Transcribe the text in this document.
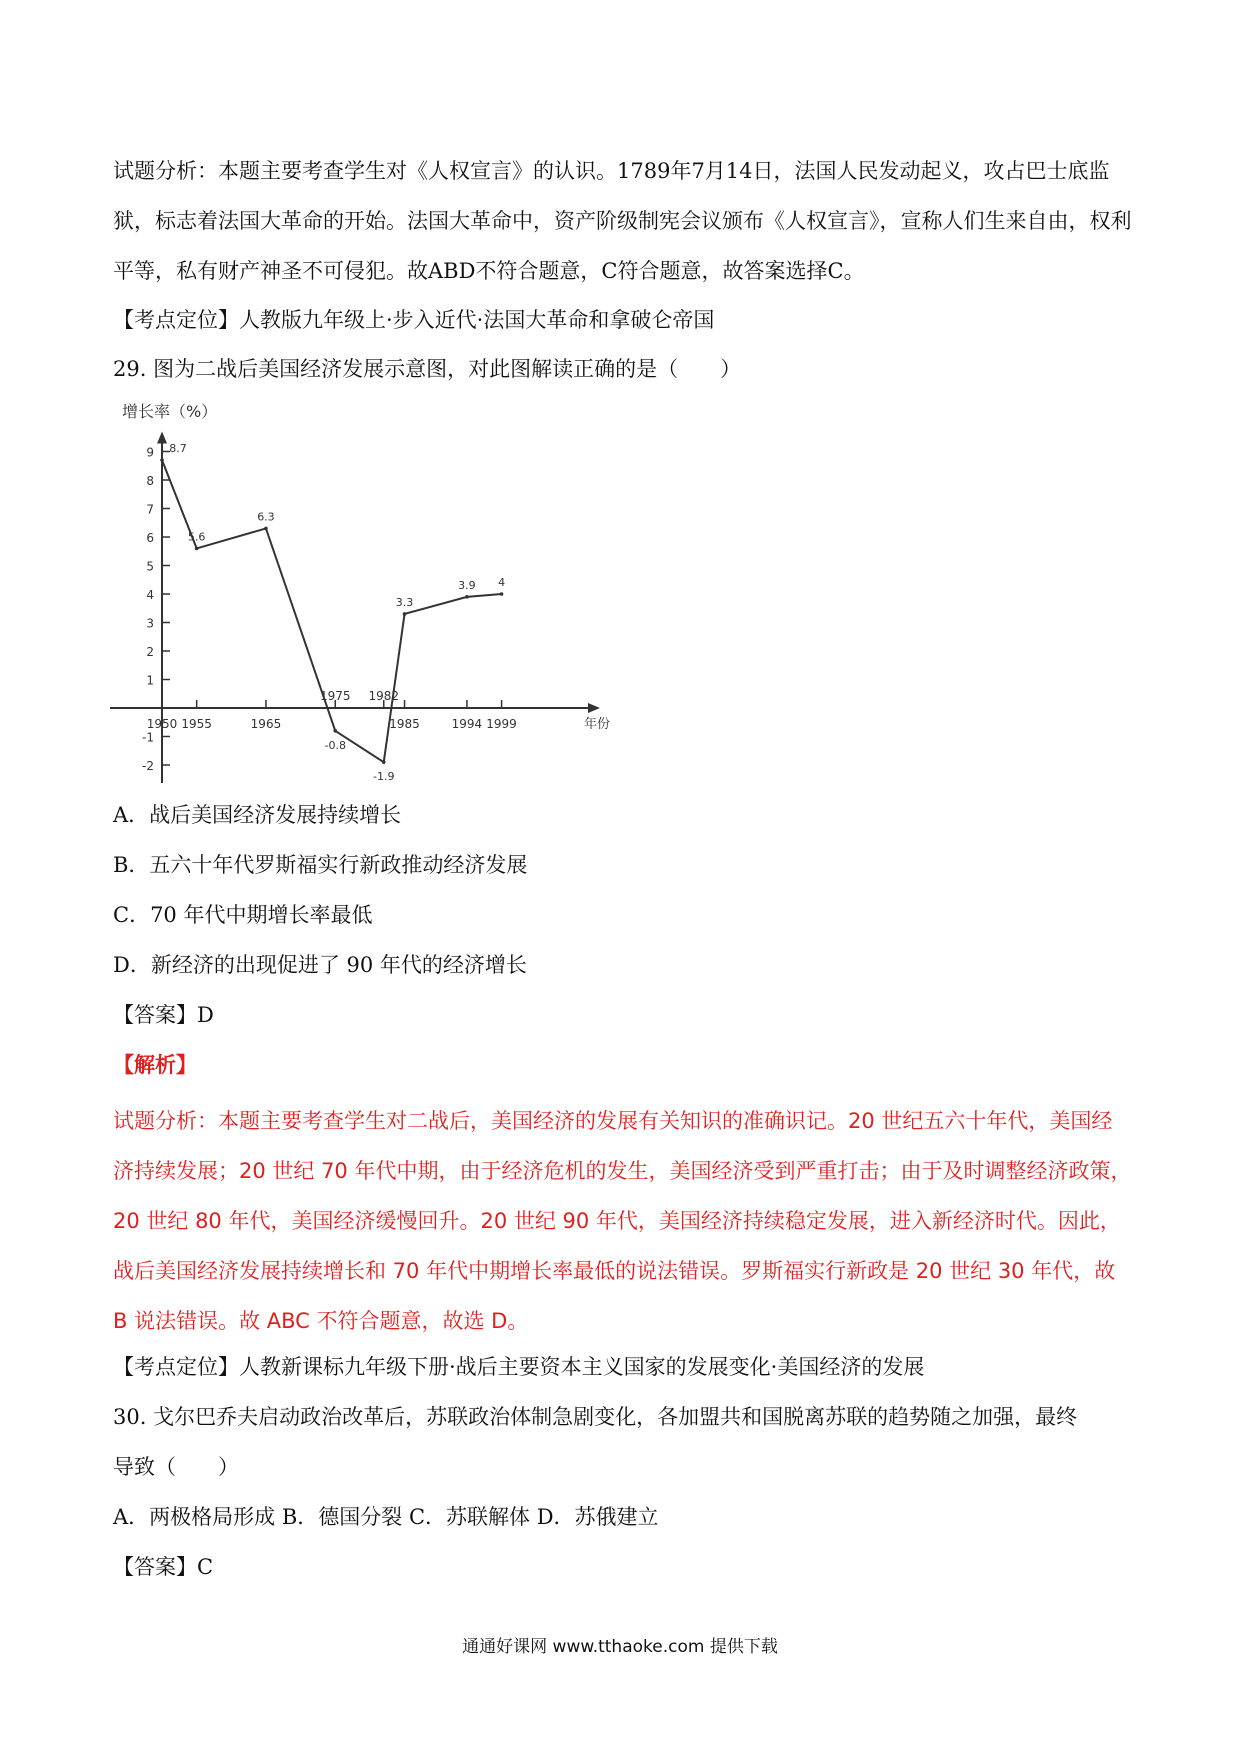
试题分析：本题主要考查学生对《人权宣言》的认识。1789年7月14日，法国人民发动起义，攻占巴士底监狱，标志着法国大革命的开始。法国大革命中，资产阶级制宪会议颁布《人权宣言》，宣称人们生来自由，权利平等，私有财产神圣不可侵犯。故ABD不符合题意，C符合题意，故答案选择C。
【考点定位】人教版九年级上·步入近代·法国大革命和拿破仑帝国
29. 图为二战后美国经济发展示意图，对此图解读正确的是（　　）
增长率（%）
9
8
7
6
5
4
3
2
1
-1
-2
1950 1955	1965
1975 1982
1985	1994 1999	年份
8.7
5.6
6.3
-0.8
-1.9
3.3
3.9 4
A．战后美国经济发展持续增长
B．五六十年代罗斯福实行新政推动经济发展
C．70 年代中期增长率最低
D．新经济的出现促进了 90 年代的经济增长
【答案】D
【解析】
试题分析：本题主要考查学生对二战后，美国经济的发展有关知识的准确识记。20 世纪五六十年代，美国经济持续发展；20 世纪 70 年代中期，由于经济危机的发生，美国经济受到严重打击；由于及时调整经济政策，20 世纪 80 年代，美国经济缓慢回升。20 世纪 90 年代，美国经济持续稳定发展，进入新经济时代。因此，战后美国经济发展持续增长和 70 年代中期增长率最低的说法错误。罗斯福实行新政是 20 世纪 30 年代，故 B 说法错误。故 ABC 不符合题意，故选 D。
【考点定位】人教新课标九年级下册·战后主要资本主义国家的发展变化·美国经济的发展
30. 戈尔巴乔夫启动政治改革后，苏联政治体制急剧变化，各加盟共和国脱离苏联的趋势随之加强，最终
导致（　　）
A．两极格局形成 B．德国分裂 C．苏联解体 D．苏俄建立
【答案】C
通通好课网 www.tthaoke.com 提供下载
